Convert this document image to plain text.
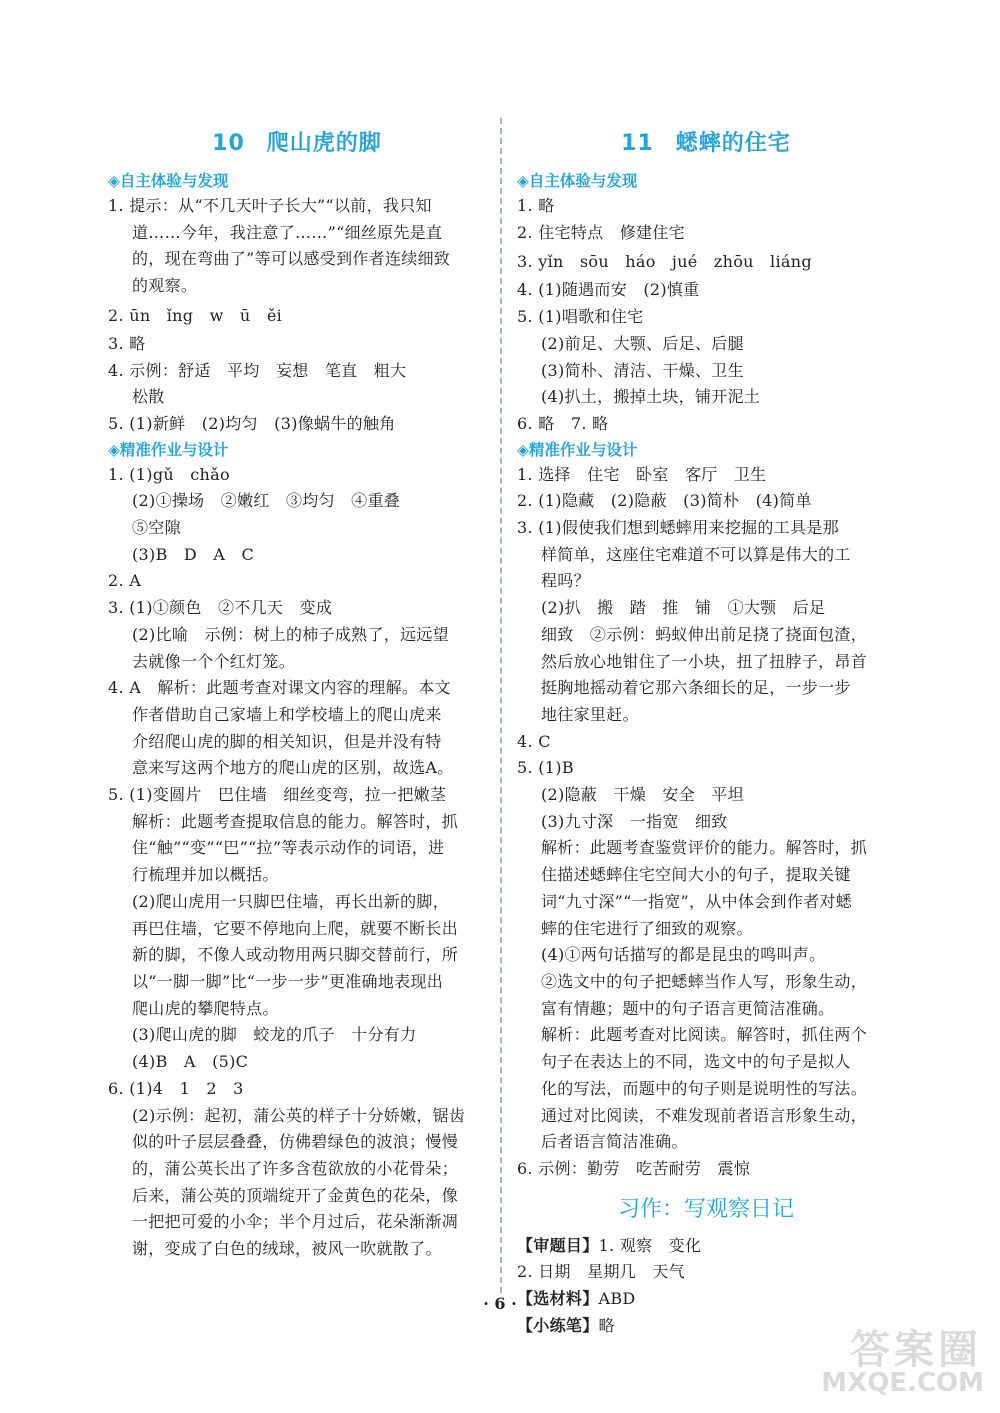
10 爬山虎的脚
◈自主体验与发现
1. 提示：从“不几天叶子长大”“以前，我只知
道……今年，我注意了……”“细丝原先是直
的，现在弯曲了”等可以感受到作者连续细致
的观察。
2. ūn　ǐng　w　ū　ěi
3. 略
4. 示例：舒适　平均　妄想　笔直　粗大
松散
5. (1)新鲜　(2)均匀　(3)像蜗牛的触角
◈精准作业与设计
1. (1)gǔ　chǎo
(2)①操场　②嫩红　③均匀　④重叠
⑤空隙
(3)B　D　A　C
2. A
3. (1)①颜色　②不几天　变成
(2)比喻　示例：树上的柿子成熟了，远远望
去就像一个个红灯笼。
4. A　解析：此题考查对课文内容的理解。本文
作者借助自己家墙上和学校墙上的爬山虎来
介绍爬山虎的脚的相关知识，但是并没有特
意来写这两个地方的爬山虎的区别，故选A。
5. (1)变圆片　巴住墙　细丝变弯，拉一把嫩茎
解析：此题考查提取信息的能力。解答时，抓
住“触”“变”“巴”“拉”等表示动作的词语，进
行梳理并加以概括。
(2)爬山虎用一只脚巴住墙，再长出新的脚，
再巴住墙，它要不停地向上爬，就要不断长出
新的脚，不像人或动物用两只脚交替前行，所
以“一脚一脚”比“一步一步”更准确地表现出
爬山虎的攀爬特点。
(3)爬山虎的脚　蛟龙的爪子　十分有力
(4)B　A　(5)C
6. (1)4　1　2　3
(2)示例：起初，蒲公英的样子十分娇嫩，锯齿
似的叶子层层叠叠，仿佛碧绿色的波浪；慢慢
的，蒲公英长出了许多含苞欲放的小花骨朵；
后来，蒲公英的顶端绽开了金黄色的花朵，像
一把把可爱的小伞；半个月过后，花朵渐渐凋
谢，变成了白色的绒球，被风一吹就散了。
11 蟋蟀的住宅
◈自主体验与发现
1. 略
2. 住宅特点　修建住宅
3. yǐn　sōu　háo　jué　zhōu　liáng
4. (1)随遇而安　(2)慎重
5. (1)唱歌和住宅
(2)前足、大颚、后足、后腿
(3)简朴、清洁、干燥、卫生
(4)扒土，搬掉土块，铺开泥土
6. 略　7. 略
◈精准作业与设计
1. 选择　住宅　卧室　客厅　卫生
2. (1)隐藏　(2)隐蔽　(3)简朴　(4)简单
3. (1)假使我们想到蟋蟀用来挖掘的工具是那
样简单，这座住宅难道不可以算是伟大的工
程吗？
(2)扒　搬　踏　推　铺　①大颚　后足
细致　②示例：蚂蚁伸出前足挠了挠面包渣，
然后放心地钳住了一小块，扭了扭脖子，昂首
挺胸地摇动着它那六条细长的足，一步一步
地往家里赶。
4. C
5. (1)B
(2)隐蔽　干燥　安全　平坦
(3)九寸深　一指宽　细致
解析：此题考查鉴赏评价的能力。解答时，抓
住描述蟋蟀住宅空间大小的句子，提取关键
词“九寸深”“一指宽”，从中体会到作者对蟋
蟀的住宅进行了细致的观察。
(4)①两句话描写的都是昆虫的鸣叫声。
②选文中的句子把蟋蟀当作人写，形象生动，
富有情趣；题中的句子语言更简洁准确。
解析：此题考查对比阅读。解答时，抓住两个
句子在表达上的不同，选文中的句子是拟人
化的写法，而题中的句子则是说明性的写法。
通过对比阅读，不难发现前者语言形象生动，
后者语言简洁准确。
6. 示例：勤劳　吃苦耐劳　震惊
习作：写观察日记
【审题目】1. 观察　变化
2. 日期　星期几　天气
【选材料】ABD
【小练笔】略
· 6 ·
答案圈
MXQE.COM
